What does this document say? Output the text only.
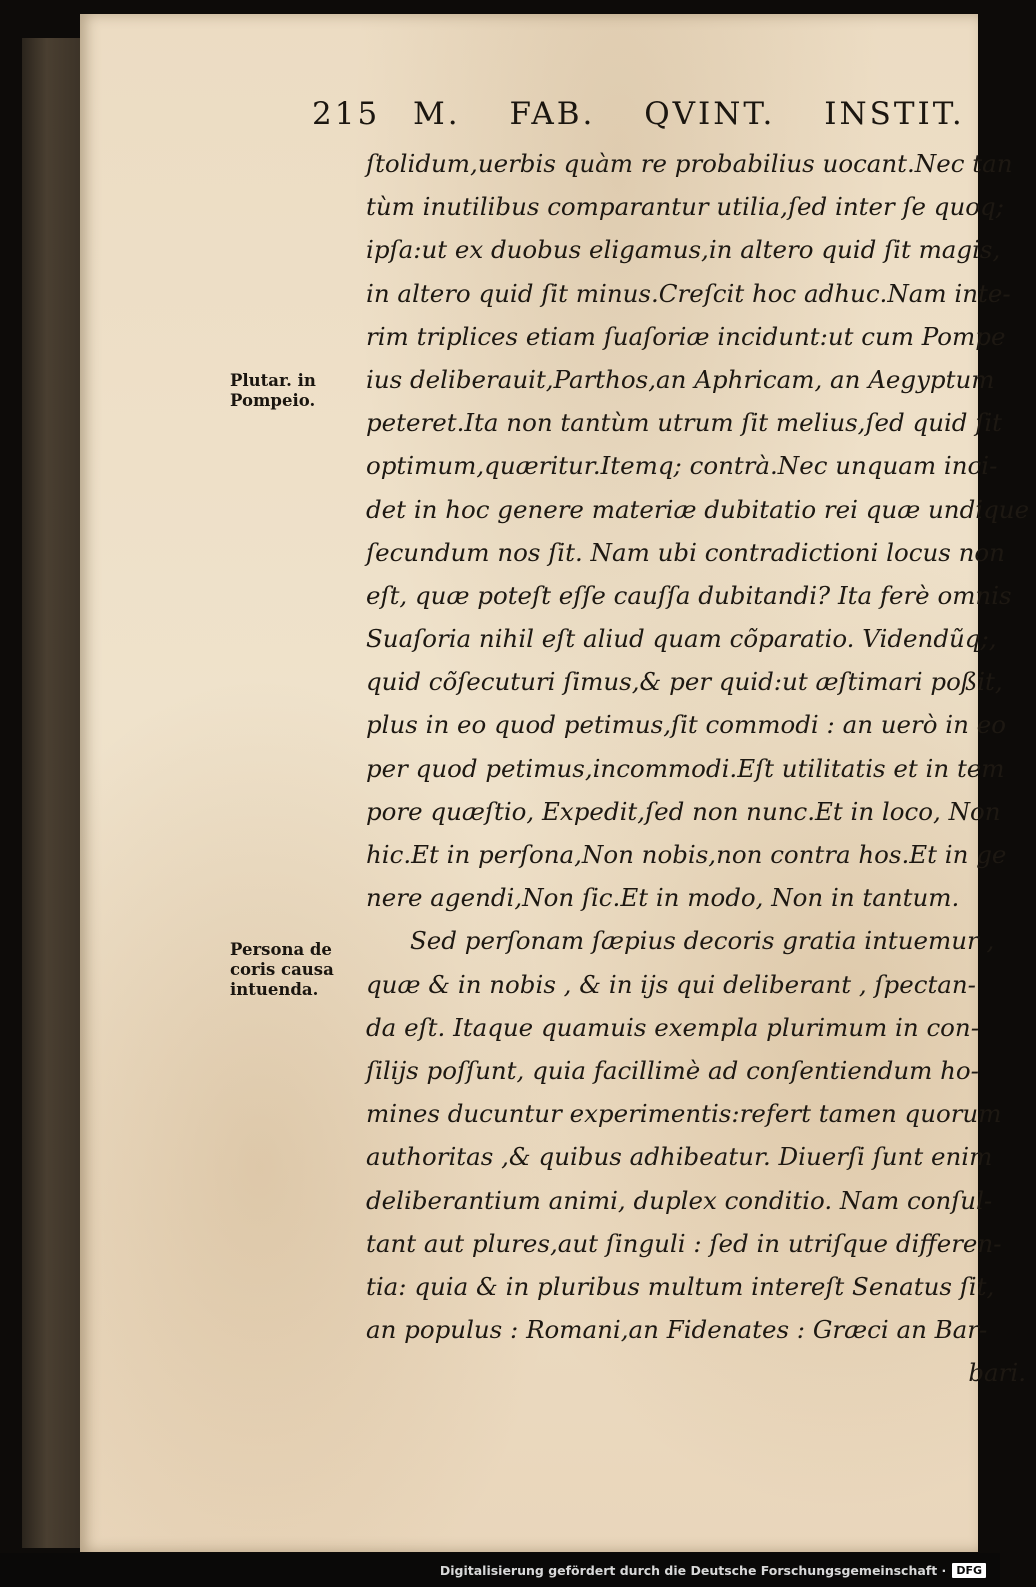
215 M. FAB. QVINT. INSTIT.
Plutar. in
Pompeio.
Persona de
coris causa
intuenda.
ſtolidum,uerbis quàm re probabilius uocant.Nec tan
tùm inutilibus comparantur utilia,ſed inter ſe quoq;
ipſa:ut ex duobus eligamus,in altero quid ſit magis,
in altero quid ſit minus.Creſcit hoc adhuc.Nam inte-
rim triplices etiam ſuaſoriæ incidunt:ut cum Pompe
ius deliberauit,Parthos,an Aphricam, an Aegyptum
peteret.Ita non tantùm utrum ſit melius,ſed quid ſit
optimum,quæritur.Itemq; contrà.Nec unquam inci-
det in hoc genere materiæ dubitatio rei quæ undique
ſecundum nos ſit. Nam ubi contradictioni locus non
eſt, quæ poteſt eſſe cauſſa dubitandi? Ita ferè omnis
Suaſoria nihil eſt aliud quam cõparatio. Videndũq;,
quid cõſecuturi ſimus,& per quid:ut æſtimari poßit,
plus in eo quod petimus,ſit commodi : an uerò in eo
per quod petimus,incommodi.Eſt utilitatis et in tem
pore quæſtio, Expedit,ſed non nunc.Et in loco, Non
hic.Et in perſona,Non nobis,non contra hos.Et in ge
nere agendi,Non ſic.Et in modo, Non in tantum.
Sed perſonam ſæpius decoris gratia intuemur ,
quæ & in nobis , & in ijs qui deliberant , ſpectan-
da eſt. Itaque quamuis exempla plurimum in con-
ſilijs poſſunt, quia facillimè ad conſentiendum ho-
mines ducuntur experimentis:refert tamen quorum
authoritas ,& quibus adhibeatur. Diuerſi ſunt enim
deliberantium animi, duplex conditio. Nam conſul-
tant aut plures,aut ſinguli : ſed in utriſque differen-
tia: quia & in pluribus multum intereſt Senatus ſit,
an populus : Romani,an Fidenates : Græci an Bar-
bari.
Digitalisierung gefördert durch die Deutsche Forschungsgemeinschaft · DFG
